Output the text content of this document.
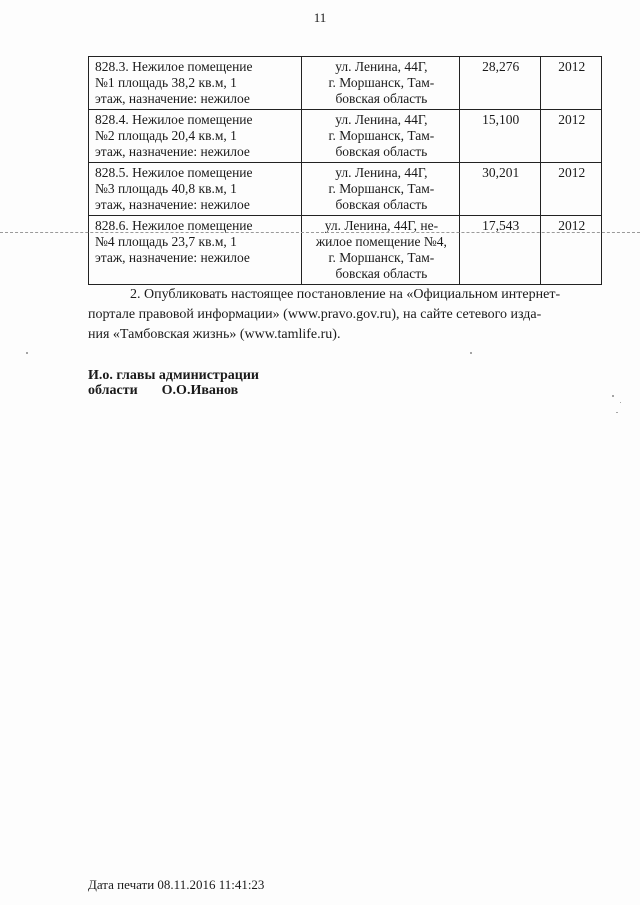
11
828.3. Нежилое помещение
№1 площадь 38,2 кв.м, 1
этаж, назначение: нежилое	ул. Ленина, 44Г,
г. Моршанск, Там-
бовская область	28,276	2012

828.4. Нежилое помещение
№2 площадь 20,4 кв.м, 1
этаж, назначение: нежилое	ул. Ленина, 44Г,
г. Моршанск, Там-
бовская область	15,100	2012

828.5. Нежилое помещение
№3 площадь 40,8 кв.м, 1
этаж, назначение: нежилое	ул. Ленина, 44Г,
г. Моршанск, Там-
бовская область	30,201	2012

828.6. Нежилое помещение
№4 площадь 23,7 кв.м, 1
этаж, назначение: нежилое	ул. Ленина, 44Г, не-
жилое помещение №4,
г. Моршанск, Там-
бовская область	17,543	2012
2. Опубликовать настоящее постановление на «Официальном интернет-
портале правовой информации» (www.pravo.gov.ru), на сайте сетевого изда-
ния «Тамбовская жизнь» (www.tamlife.ru).
И.о. главы администрации
области О.О.Иванов
Дата печати 08.11.2016 11:41:23
